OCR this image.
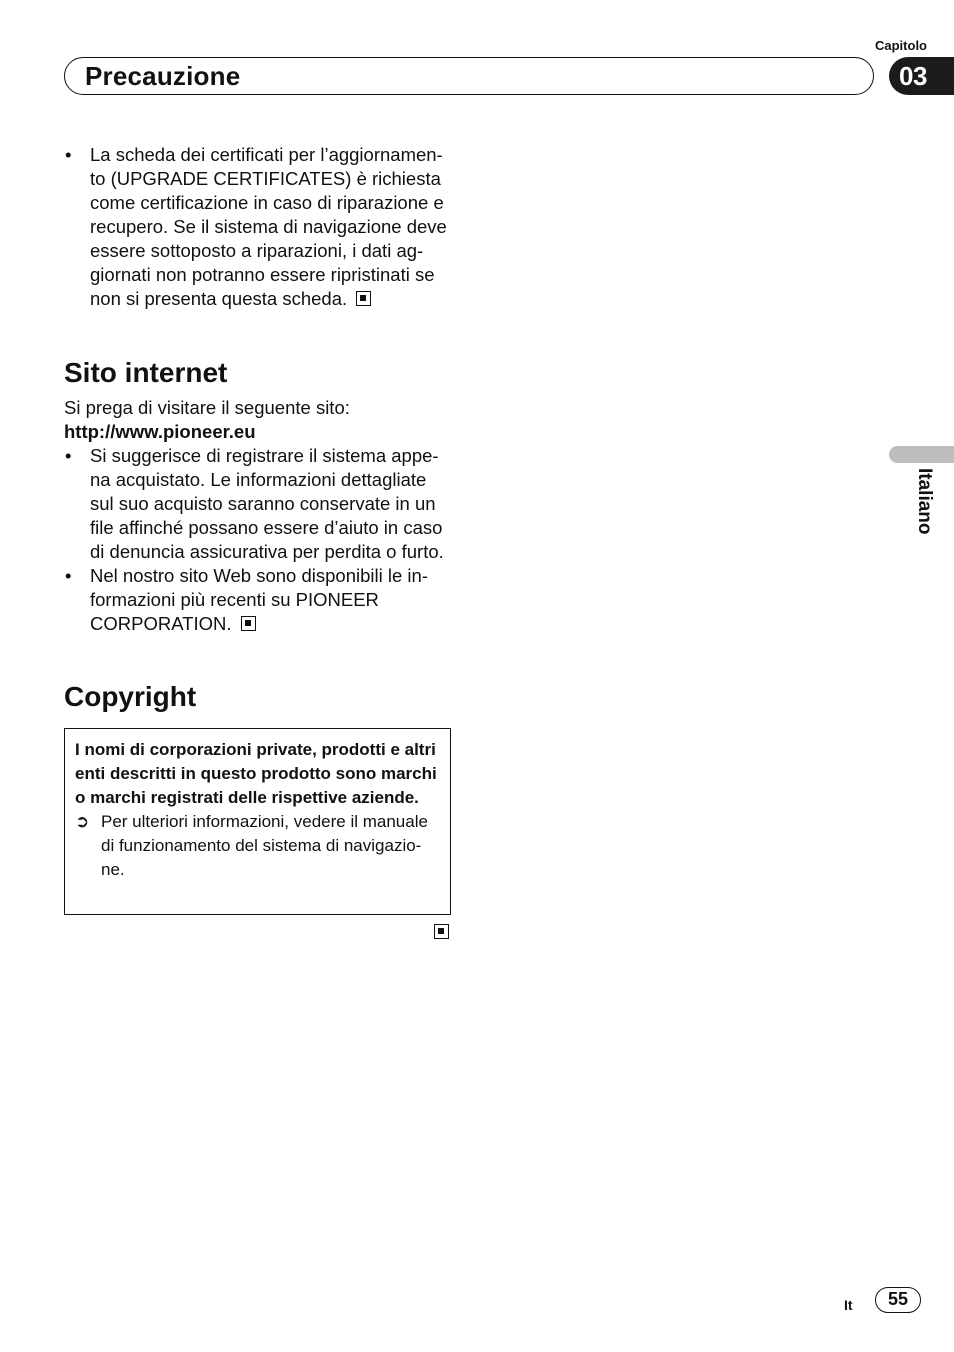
Capitolo
Precauzione	03
Italiano
• La scheda dei certificati per l’aggiornamen- to (UPGRADE CERTIFICATES) è richiesta come certificazione in caso di riparazione e recupero. Se il sistema di navigazione deve essere sottoposto a riparazioni, i dati ag- giornati non potranno essere ripristinati se non si presenta questa scheda.
Sito internet
Si prega di visitare il seguente sito:
http://www.pioneer.eu
• Si suggerisce di registrare il sistema appe- na acquistato. Le informazioni dettagliate sul suo acquisto saranno conservate in un file affinché possano essere d’aiuto in caso di denuncia assicurativa per perdita o furto.
• Nel nostro sito Web sono disponibili le in- formazioni più recenti su PIONEER CORPORATION.
Copyright
I nomi di corporazioni private, prodotti e altri enti descritti in questo prodotto sono marchi o marchi registrati delle rispettive aziende.
➲ Per ulteriori informazioni, vedere il manuale di funzionamento del sistema di navigazio- ne.
It	55
